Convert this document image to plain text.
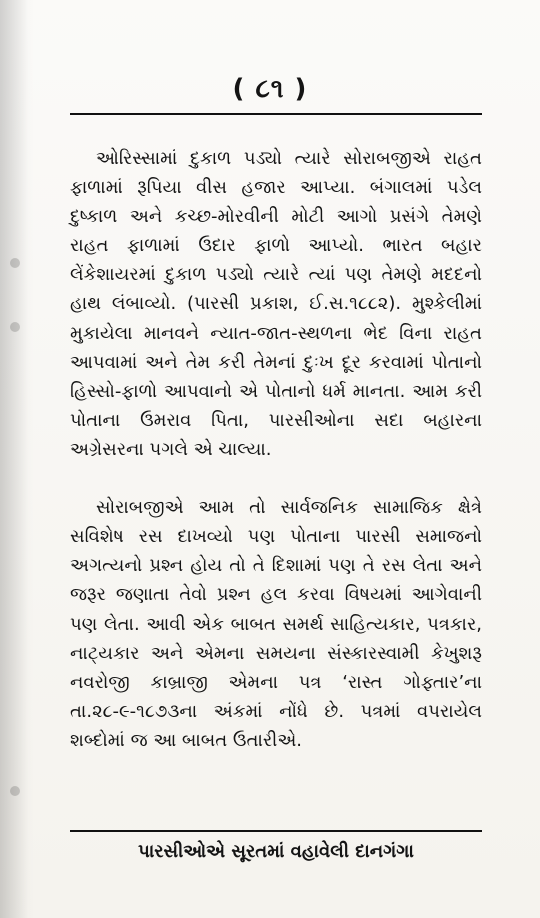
( ૮૧ )

ઓરિસ્સામાં દુકાળ પડ્યો ત્યારે સોરાબજીએ રાહત ફાળામાં રૂપિયા વીસ હજાર આપ્યા. બંગાલમાં પડેલ દુષ્કાળ અને કચ્છ-મોરવીની મોટી આગો પ્રસંગે તેમણે રાહત ફાળામાં ઉદાર ફાળો આપ્યો. ભારત બહાર લેંકેશાયરમાં દુકાળ પડ્યો ત્યારે ત્યાં પણ તેમણે મદદનો હાથ લંબાવ્યો. (પારસી પ્રકાશ, ઈ.સ.૧૮૮૨). મુશ્કેલીમાં મુકાયેલા માનવને ન્યાત-જાત-સ્થળના ભેદ વિના રાહત આપવામાં અને તેમ કરી તેમનાં દુઃખ દૂર કરવામાં પોતાનો હિસ્સો-ફાળો આપવાનો એ પોતાનો ધર્મ માનતા. આમ કરી પોતાના ઉમરાવ પિતા, પારસીઓના સદા બહારના અગ્રેસરના પગલે એ ચાલ્યા.

સોરાબજીએ આમ તો સાર્વજનિક સામાજિક ક્ષેત્રે સવિશેષ રસ દાખવ્યો પણ પોતાના પારસી સમાજનો અગત્યનો પ્રશ્ન હોય તો તે દિશામાં પણ તે રસ લેતા અને જરૂર જણાતા તેવો પ્રશ્ન હલ કરવા વિષયમાં આગેવાની પણ લેતા. આવી એક બાબત સમર્થ સાહિત્યકાર, પત્રકાર, નાટ્યકાર અને એમના સમયના સંસ્કારસ્વામી કેખુશરૂ નવરોજી કાબ્રાજી એમના પત્ર ‘રાસ્ત ગોફ્તાર’ના તા.૨૮-૯-૧૮૭૩ના અંકમાં નોંધે છે. પત્રમાં વપરાયેલ શબ્દોમાં જ આ બાબત ઉતારીએ.

પારસીઓએ સૂરતમાં વહાવેલી દાનગંગા
